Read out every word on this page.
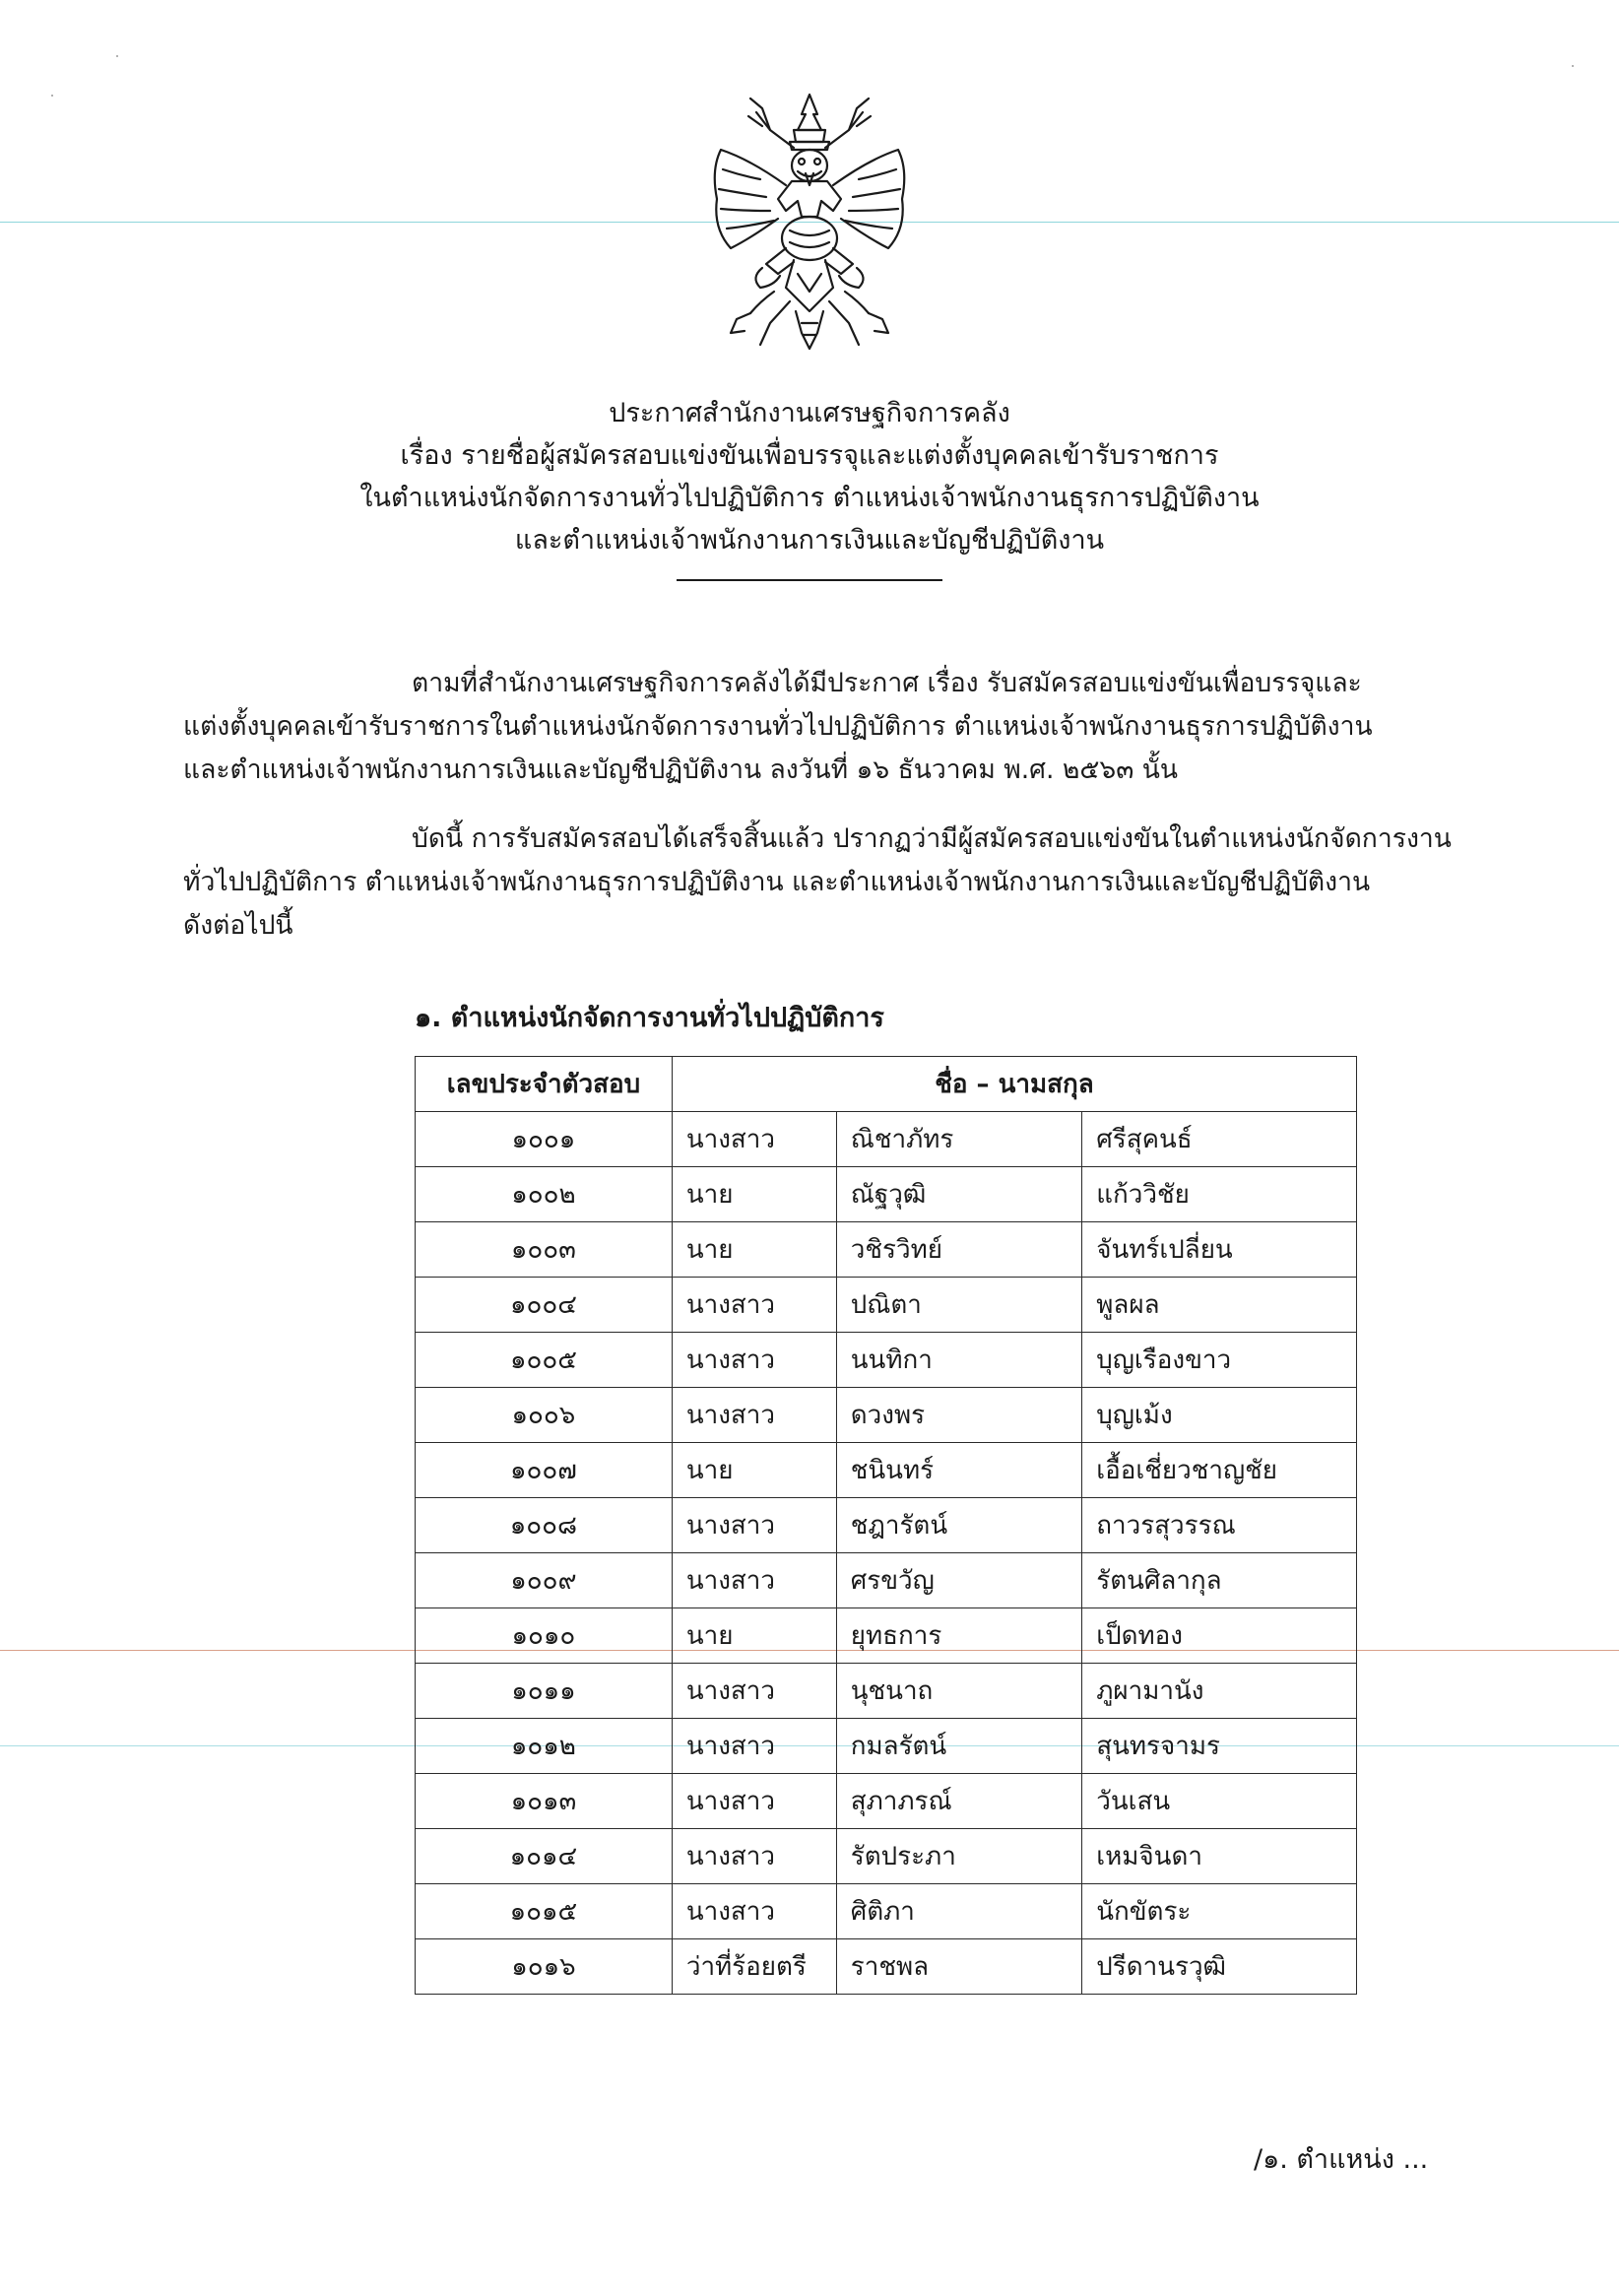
ประกาศสำนักงานเศรษฐกิจการคลัง
เรื่อง รายชื่อผู้สมัครสอบแข่งขันเพื่อบรรจุและแต่งตั้งบุคคลเข้ารับราชการ
ในตำแหน่งนักจัดการงานทั่วไปปฏิบัติการ ตำแหน่งเจ้าพนักงานธุรการปฏิบัติงาน
และตำแหน่งเจ้าพนักงานการเงินและบัญชีปฏิบัติงาน
ตามที่สำนักงานเศรษฐกิจการคลังได้มีประกาศ เรื่อง รับสมัครสอบแข่งขันเพื่อบรรจุและ
แต่งตั้งบุคคลเข้ารับราชการในตำแหน่งนักจัดการงานทั่วไปปฏิบัติการ ตำแหน่งเจ้าพนักงานธุรการปฏิบัติงาน
และตำแหน่งเจ้าพนักงานการเงินและบัญชีปฏิบัติงาน ลงวันที่ ๑๖ ธันวาคม พ.ศ. ๒๕๖๓ นั้น
บัดนี้ การรับสมัครสอบได้เสร็จสิ้นแล้ว ปรากฏว่ามีผู้สมัครสอบแข่งขันในตำแหน่งนักจัดการงาน
ทั่วไปปฏิบัติการ ตำแหน่งเจ้าพนักงานธุรการปฏิบัติงาน และตำแหน่งเจ้าพนักงานการเงินและบัญชีปฏิบัติงาน
ดังต่อไปนี้
๑. ตำแหน่งนักจัดการงานทั่วไปปฏิบัติการ
เลขประจำตัวสอบ	ชื่อ – นามสกุล		
๑๐๐๑	นางสาว	ณิชาภัทร	ศรีสุคนธ์
๑๐๐๒	นาย	ณัฐวุฒิ	แก้ววิชัย
๑๐๐๓	นาย	วชิรวิทย์	จันทร์เปลี่ยน
๑๐๐๔	นางสาว	ปณิตา	พูลผล
๑๐๐๕	นางสาว	นนทิกา	บุญเรืองขาว
๑๐๐๖	นางสาว	ดวงพร	บุญเม้ง
๑๐๐๗	นาย	ชนินทร์	เอื้อเชี่ยวชาญชัย
๑๐๐๘	นางสาว	ชฎารัตน์	ถาวรสุวรรณ
๑๐๐๙	นางสาว	ศรขวัญ	รัตนศิลากุล
๑๐๑๐	นาย	ยุทธการ	เป็ดทอง
๑๐๑๑	นางสาว	นุชนาถ	ภูผามานัง
๑๐๑๒	นางสาว	กมลรัตน์	สุนทรจามร
๑๐๑๓	นางสาว	สุภาภรณ์	วันเสน
๑๐๑๔	นางสาว	รัตประภา	เหมจินดา
๑๐๑๕	นางสาว	ศิติภา	นักขัตระ
๑๐๑๖	ว่าที่ร้อยตรี	ราชพล	ปรีดานรวุฒิ
/๑. ตำแหน่ง ...
